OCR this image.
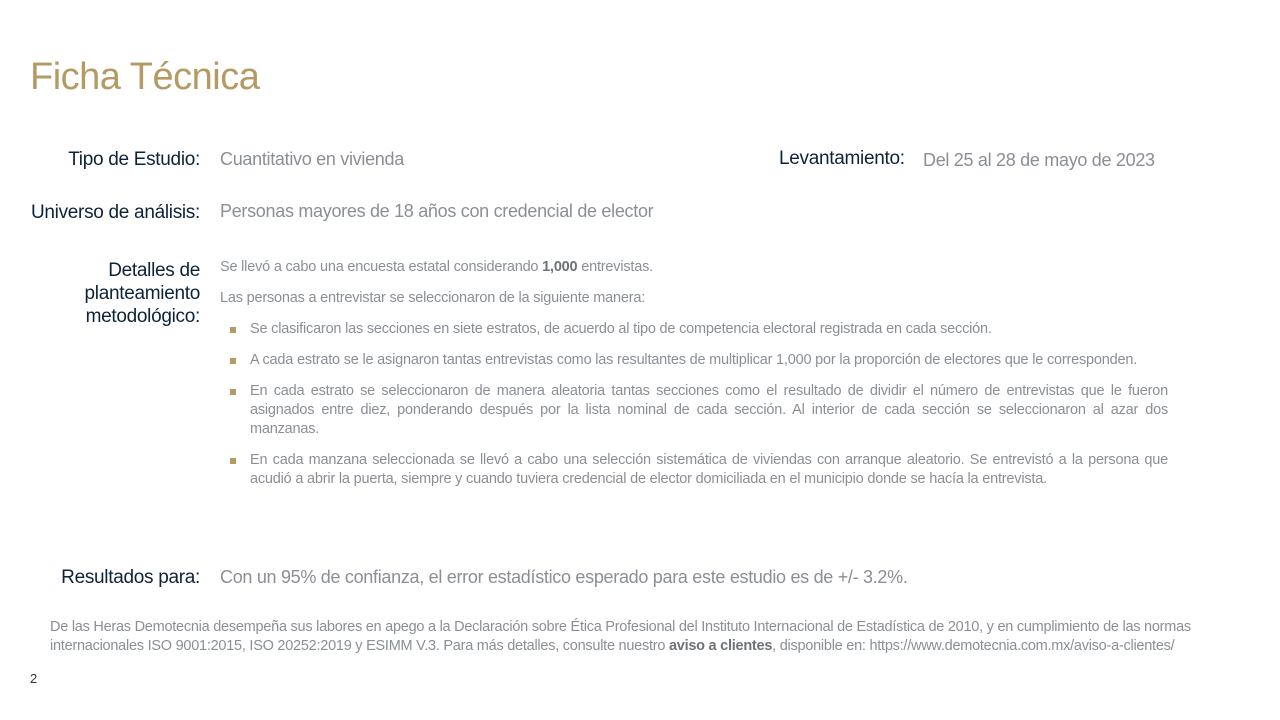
Ficha Técnica
Tipo de Estudio: Cuantitativo en vivienda	Levantamiento: Del 25 al 28 de mayo de 2023
Universo de análisis: Personas mayores de 18 años con credencial de elector
Detalles de
planteamiento
metodológico:

Se llevó a cabo una encuesta estatal considerando 1,000 entrevistas.

Las personas a entrevistar se seleccionaron de la siguiente manera:

Se clasificaron las secciones en siete estratos, de acuerdo al tipo de competencia electoral registrada en cada sección.
A cada estrato se le asignaron tantas entrevistas como las resultantes de multiplicar 1,000 por la proporción de electores que le corresponden.
En cada estrato se seleccionaron de manera aleatoria tantas secciones como el resultado de dividir el número de entrevistas que le fueron asignados entre diez, ponderando después por la lista nominal de cada sección. Al interior de cada sección se seleccionaron al azar dos manzanas.
En cada manzana seleccionada se llevó a cabo una selección sistemática de viviendas con arranque aleatorio. Se entrevistó a la persona que acudió a abrir la puerta, siempre y cuando tuviera credencial de elector domiciliada en el municipio donde se hacía la entrevista.
Resultados para: Con un 95% de confianza, el error estadístico esperado para este estudio es de +/- 3.2%.
De las Heras Demotecnia desempeña sus labores en apego a la Declaración sobre Ética Profesional del Instituto Internacional de Estadística de 2010, y en cumplimiento de las normas internacionales ISO 9001:2015, ISO 20252:2019 y ESIMM V.3. Para más detalles, consulte nuestro aviso a clientes, disponible en: https://www.demotecnia.com.mx/aviso-a-clientes/
2
